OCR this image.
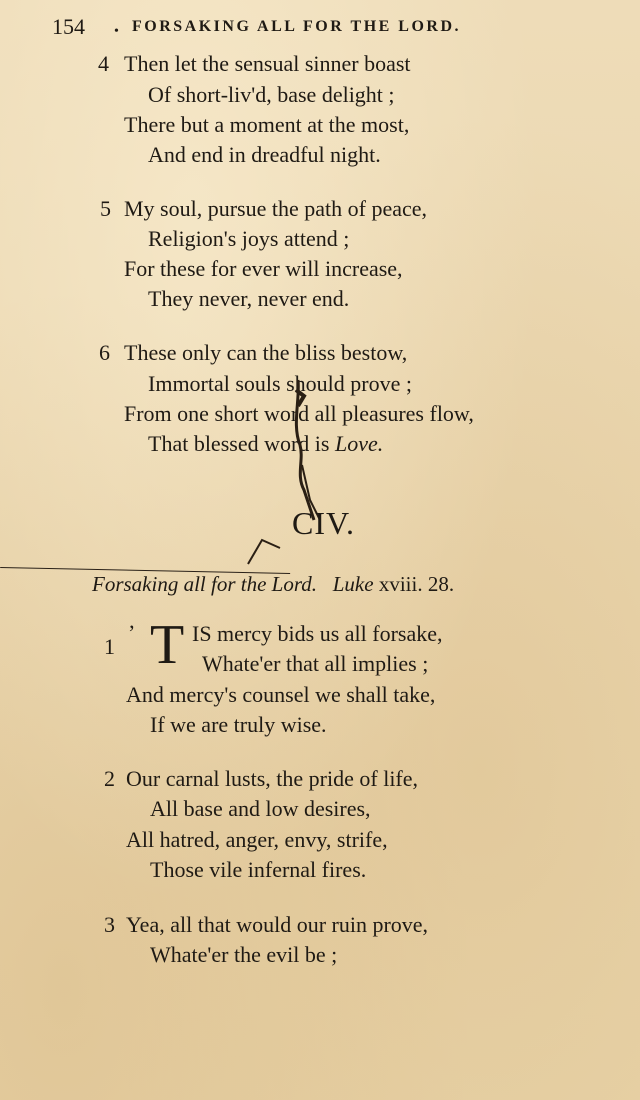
154 • FORSAKING ALL FOR THE LORD.
4 Then let the sensual sinner boast
Of short-liv'd, base delight ;
There but a moment at the most,
And end in dreadful night.
5 My soul, pursue the path of peace,
Religion's joys attend ;
For these for ever will increase,
They never, never end.
6 These only can the bliss bestow,
Immortal souls should prove ;
From one short word all pleasures flow,
That blessed word is Love.
CIV.
Forsaking all for the Lord. Luke xviii. 28.
1
’ T IS mercy bids us all forsake,
Whate'er that all implies ;
And mercy's counsel we shall take,
If we are truly wise.
2 Our carnal lusts, the pride of life,
All base and low desires,
All hatred, anger, envy, strife,
Those vile infernal fires.
3 Yea, all that would our ruin prove,
Whate'er the evil be ;
